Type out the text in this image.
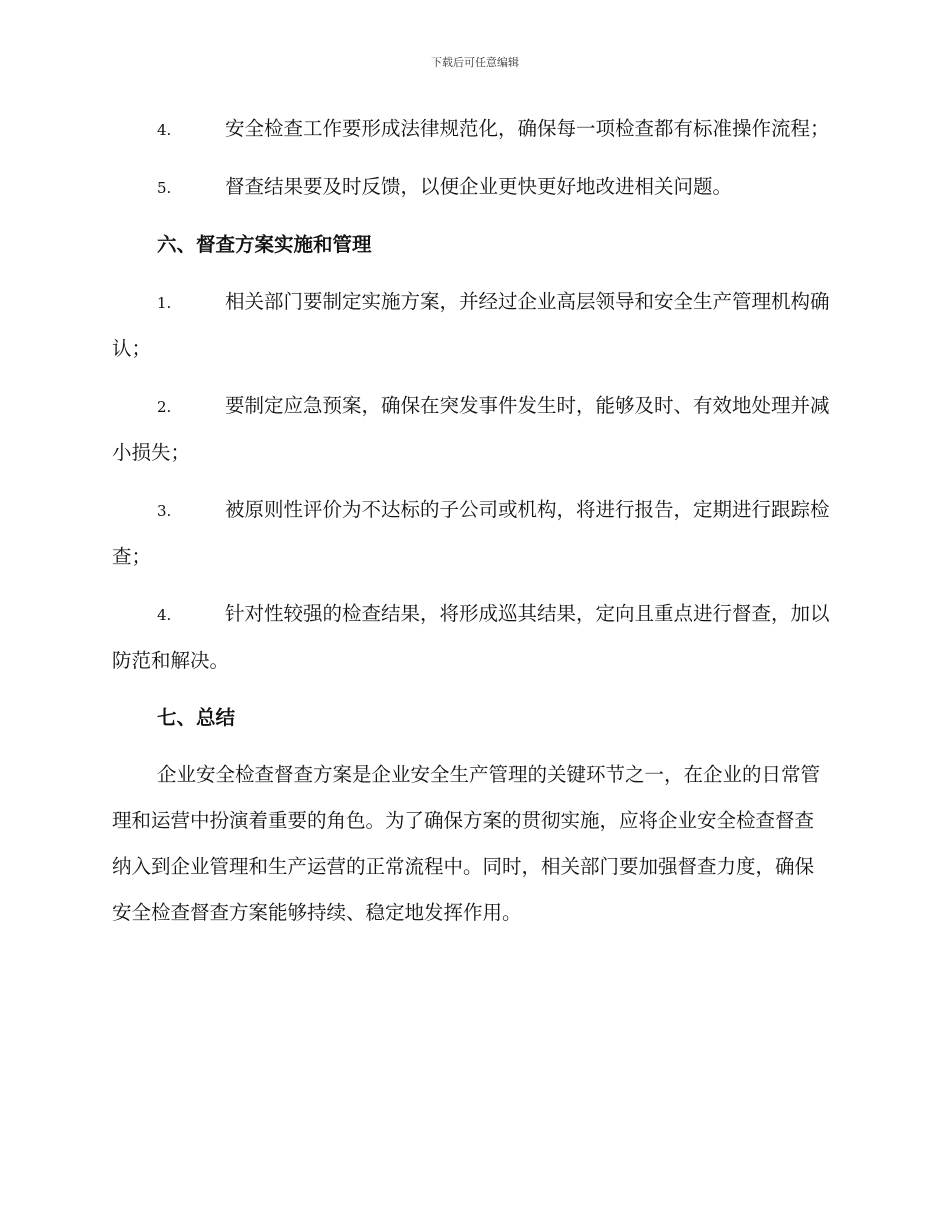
下载后可任意编辑

4.	安全检查工作要形成法律规范化，确保每一项检查都有标准操作流程；

5.	督查结果要及时反馈，以便企业更快更好地改进相关问题。

六、督查方案实施和管理

1.	相关部门要制定实施方案，并经过企业高层领导和安全生产管理机构确认；

2.	要制定应急预案，确保在突发事件发生时，能够及时、有效地处理并减小损失；

3.	被原则性评价为不达标的子公司或机构，将进行报告，定期进行跟踪检查；

4.	针对性较强的检查结果，将形成巡其结果，定向且重点进行督查，加以防范和解决。

七、总结

企业安全检查督查方案是企业安全生产管理的关键环节之一，在企业的日常管理和运营中扮演着重要的角色。为了确保方案的贯彻实施，应将企业安全检查督查纳入到企业管理和生产运营的正常流程中。同时，相关部门要加强督查力度，确保安全检查督查方案能够持续、稳定地发挥作用。
